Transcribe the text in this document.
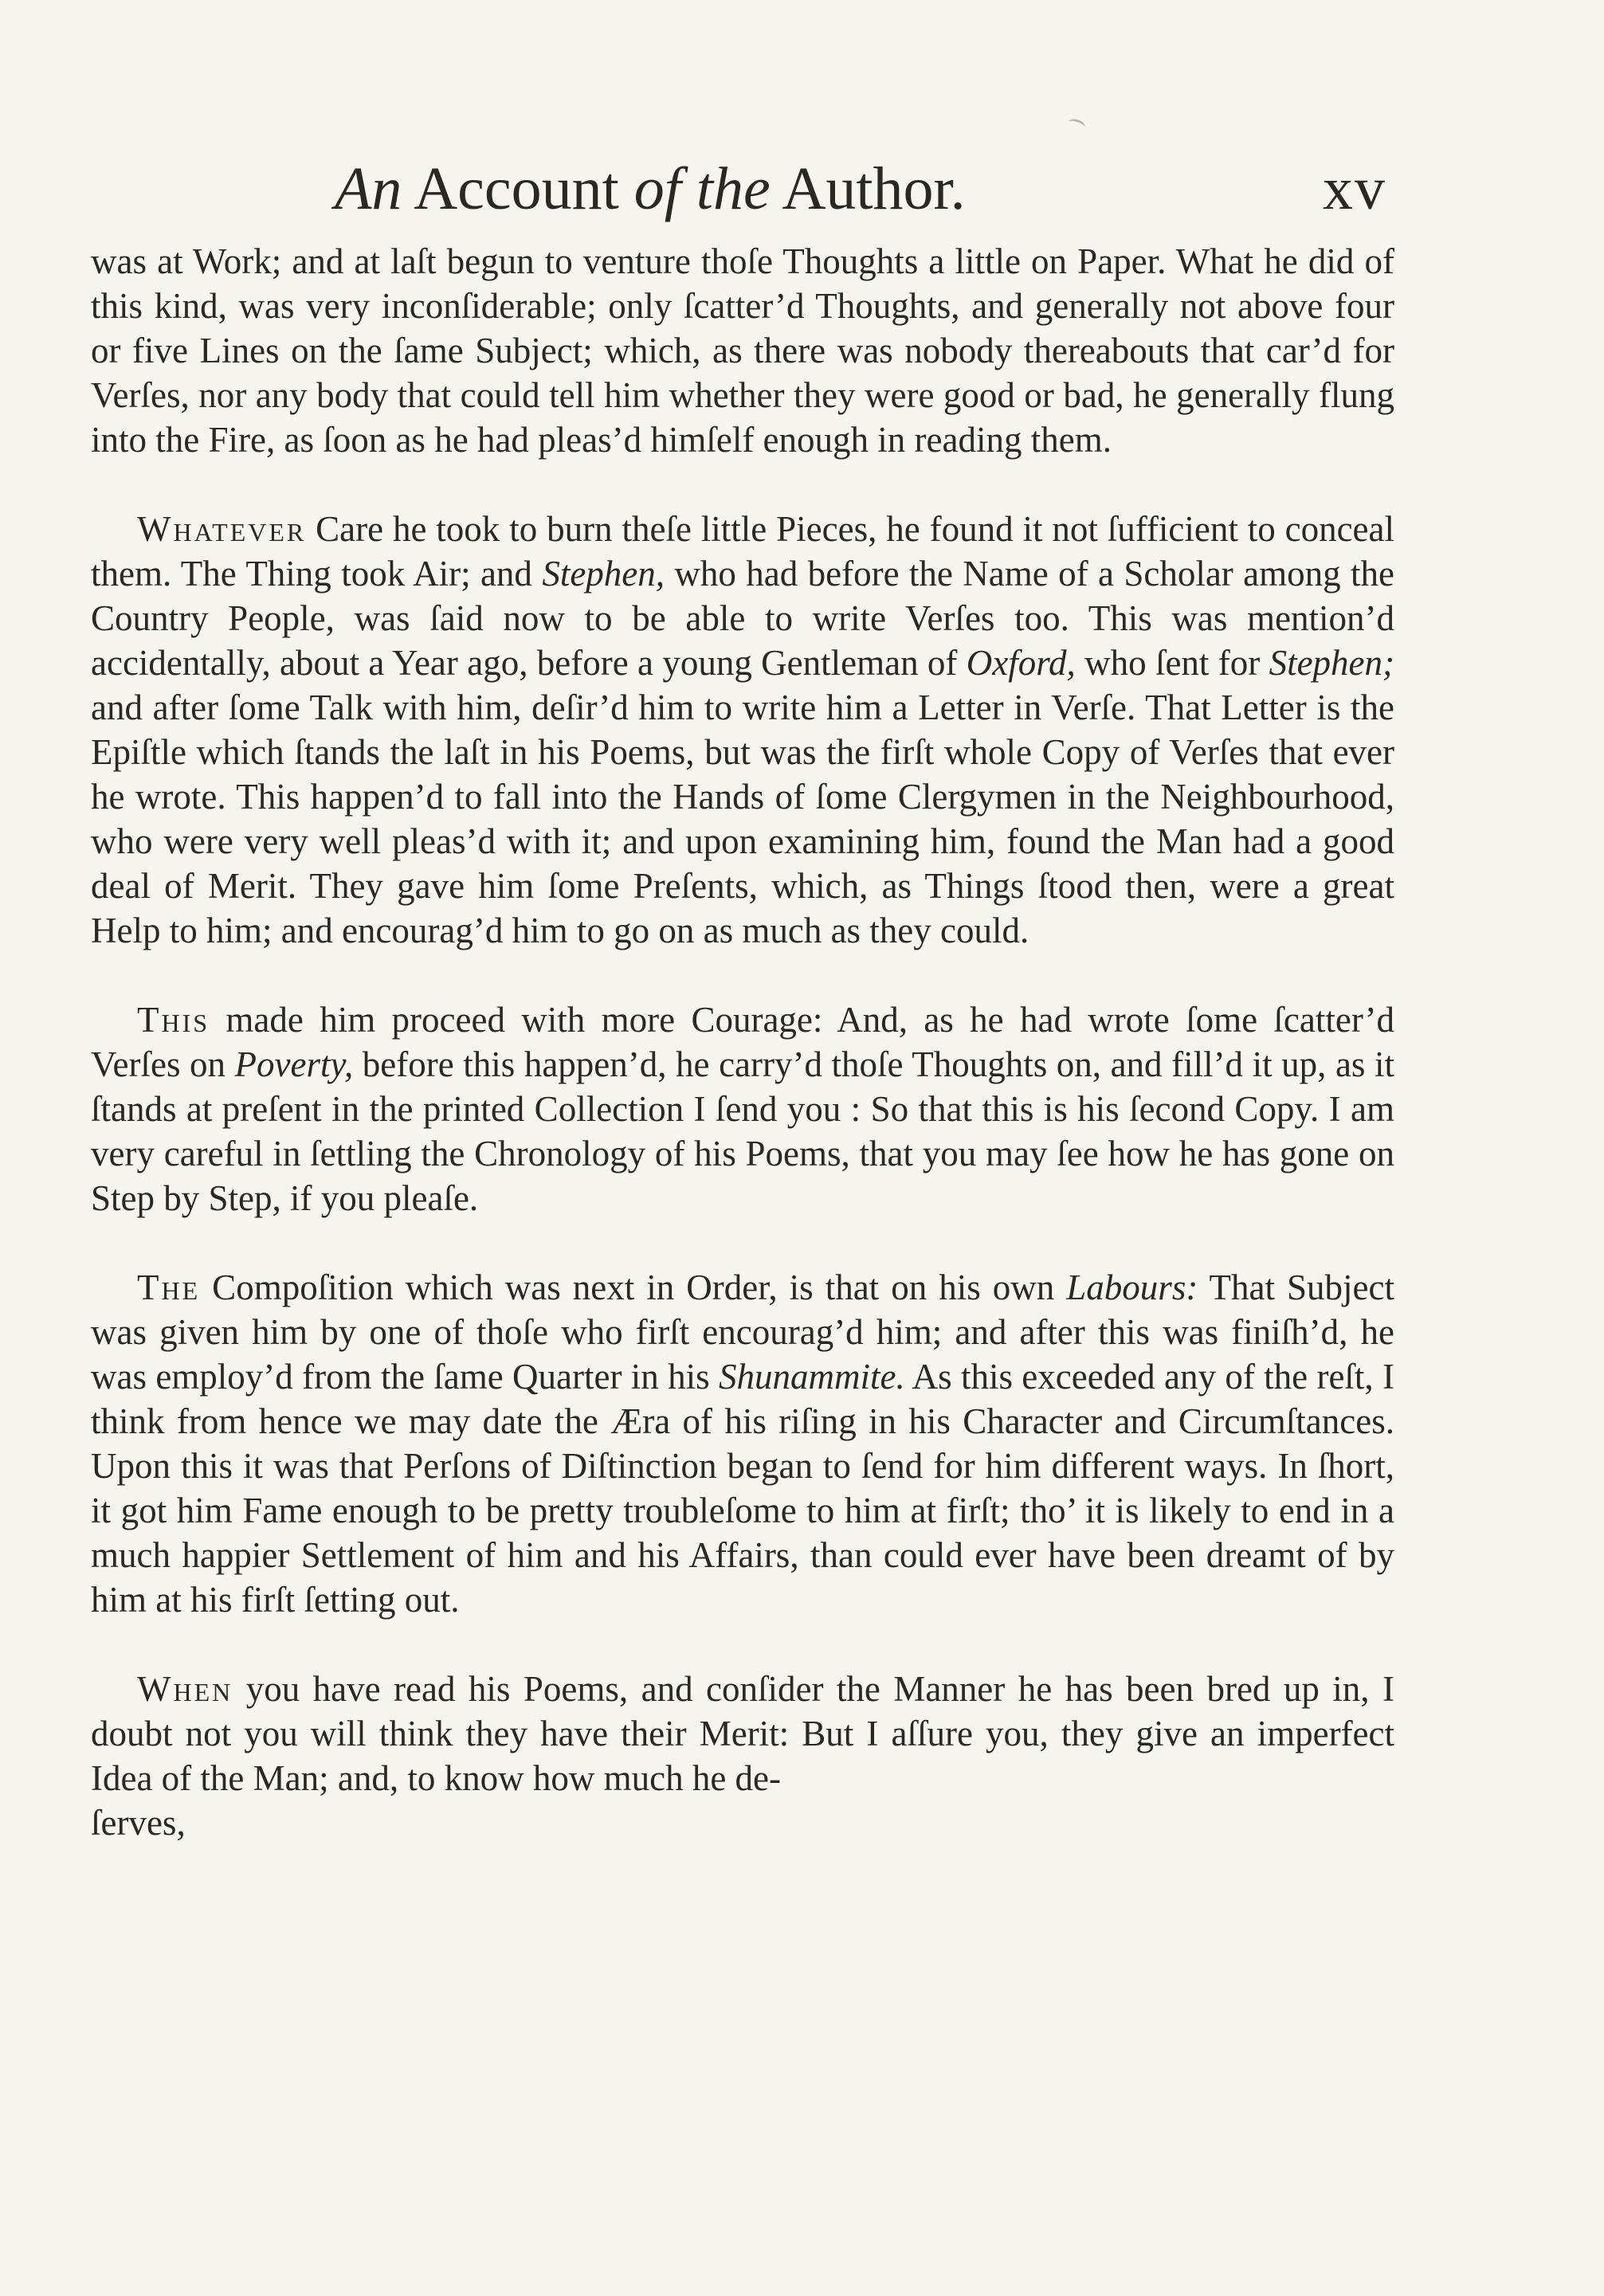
An Account of the Author.	xv

was at Work; and at laſt begun to venture thoſe Thoughts a little on Paper. What he did of this kind, was very inconſiderable; only ſcatter’d Thoughts, and generally not above four or five Lines on the ſame Subject; which, as there was nobody thereabouts that car’d for Verſes, nor any body that could tell him whether they were good or bad, he generally flung into the Fire, as ſoon as he had pleas’d himſelf enough in reading them.

Whatever Care he took to burn theſe little Pieces, he found it not ſufficient to conceal them. The Thing took Air; and Stephen, who had before the Name of a Scholar among the Country People, was ſaid now to be able to write Verſes too. This was mention’d accidentally, about a Year ago, before a young Gentleman of Oxford, who ſent for Stephen; and after ſome Talk with him, deſir’d him to write him a Letter in Verſe. That Letter is the Epiſtle which ſtands the laſt in his Poems, but was the firſt whole Copy of Verſes that ever he wrote. This happen’d to fall into the Hands of ſome Clergymen in the Neighbourhood, who were very well pleas’d with it; and upon examining him, found the Man had a good deal of Merit. They gave him ſome Preſents, which, as Things ſtood then, were a great Help to him; and encourag’d him to go on as much as they could.

This made him proceed with more Courage: And, as he had wrote ſome ſcatter’d Verſes on Poverty, before this happen’d, he carry’d thoſe Thoughts on, and fill’d it up, as it ſtands at preſent in the printed Collection I ſend you : So that this is his ſecond Copy. I am very careful in ſettling the Chronology of his Poems, that you may ſee how he has gone on Step by Step, if you pleaſe.

The Compoſition which was next in Order, is that on his own Labours: That Subject was given him by one of thoſe who firſt encourag’d him; and after this was finiſh’d, he was employ’d from the ſame Quarter in his Shunammite. As this exceeded any of the reſt, I think from hence we may date the Æra of his riſing in his Character and Circumſtances. Upon this it was that Perſons of Diſtinction began to ſend for him different ways. In ſhort, it got him Fame enough to be pretty troubleſome to him at firſt; tho’ it is likely to end in a much happier Settlement of him and his Affairs, than could ever have been dreamt of by him at his firſt ſetting out.

When you have read his Poems, and conſider the Manner he has been bred up in, I doubt not you will think they have their Merit: But I aſſure you, they give an imperfect Idea of the Man; and, to know how much he de-

ſerves,
